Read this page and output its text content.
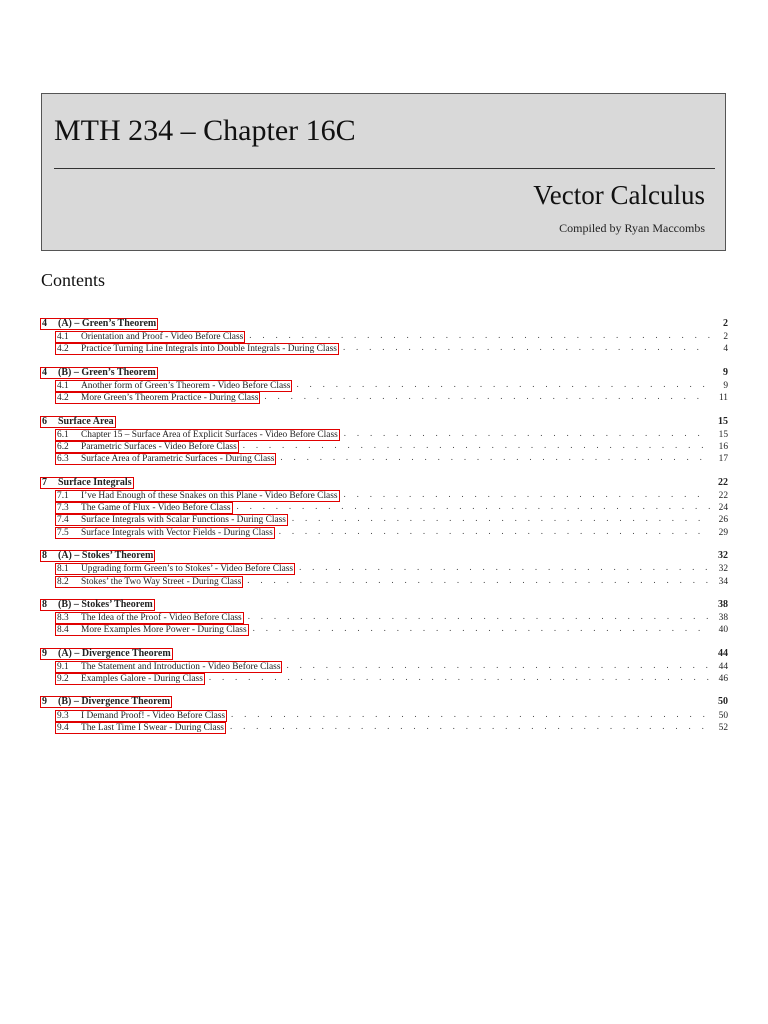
MTH 234 – Chapter 16C
Vector Calculus
Compiled by Ryan Maccombs
Contents
4	(A) – Green’s Theorem	2
4.1	Orientation and Proof - Video Before Class . . .	2
4.2	Practice Turning Line Integrals into Double Integrals - During Class . . .	4
4	(B) – Green’s Theorem	9
4.1	Another form of Green’s Theorem - Video Before Class . . .	9
4.2	More Green’s Theorem Practice - During Class . . .	11
6	Surface Area	15
6.1	Chapter 15 – Surface Area of Explicit Surfaces - Video Before Class . . .	15
6.2	Parametric Surfaces - Video Before Class . . .	16
6.3	Surface Area of Parametric Surfaces - During Class . . .	17
7	Surface Integrals	22
7.1	I’ve Had Enough of these Snakes on this Plane - Video Before Class . . .	22
7.3	The Game of Flux - Video Before Class . . .	24
7.4	Surface Integrals with Scalar Functions - During Class . . .	26
7.5	Surface Integrals with Vector Fields - During Class . . .	29
8	(A) – Stokes’ Theorem	32
8.1	Upgrading form Green’s to Stokes’ - Video Before Class . . .	32
8.2	Stokes’ the Two Way Street - During Class . . .	34
8	(B) – Stokes’ Theorem	38
8.3	The Idea of the Proof - Video Before Class . . .	38
8.4	More Examples More Power - During Class . . .	40
9	(A) – Divergence Theorem	44
9.1	The Statement and Introduction - Video Before Class . . .	44
9.2	Examples Galore - During Class . . .	46
9	(B) – Divergence Theorem	50
9.3	I Demand Proof! - Video Before Class . . .	50
9.4	The Last Time I Swear - During Class . . .	52
